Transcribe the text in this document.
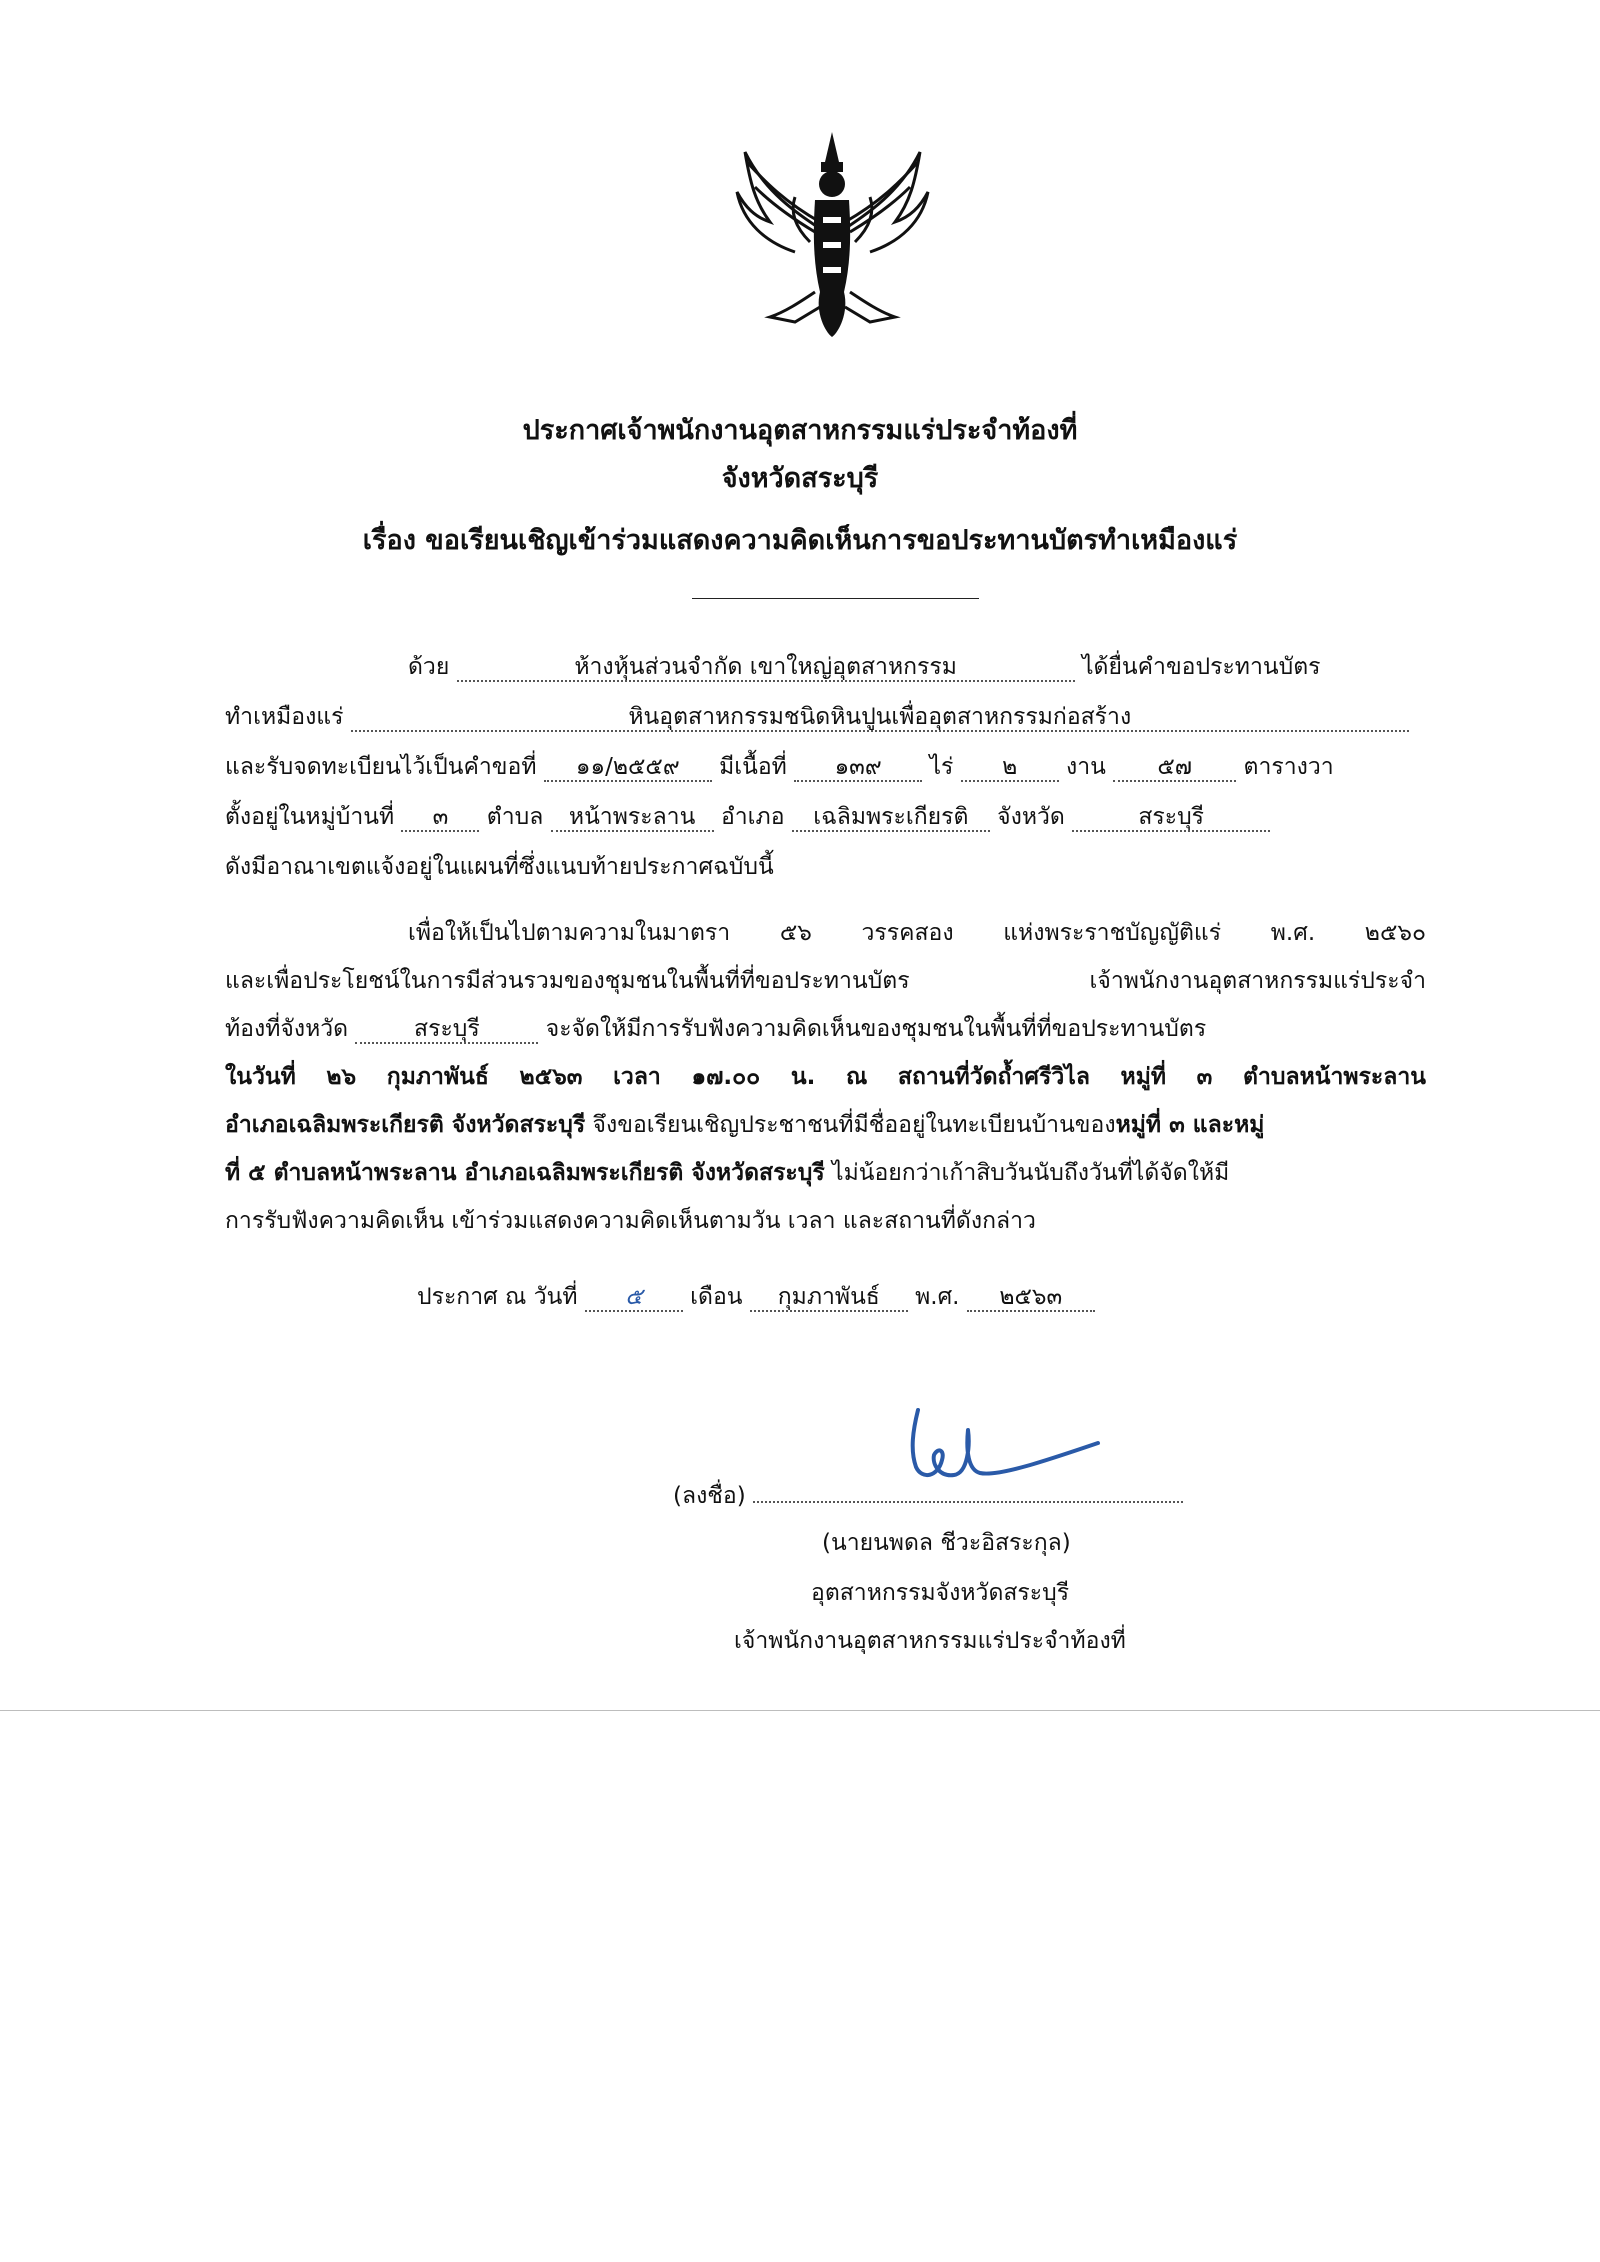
ประกาศเจ้าพนักงานอุตสาหกรรมแร่ประจำท้องที่
จังหวัดสระบุรี
เรื่อง ขอเรียนเชิญเข้าร่วมแสดงความคิดเห็นการขอประทานบัตรทำเหมืองแร่
ด้วย	ห้างหุ้นส่วนจำกัด เขาใหญ่อุตสาหกรรม	ได้ยื่นคำขอประทานบัตร
ทำเหมืองแร่	หินอุตสาหกรรมชนิดหินปูนเพื่ออุตสาหกรรมก่อสร้าง
และรับจดทะเบียนไว้เป็นคำขอที่ ๑๑/๒๕๕๙ มีเนื้อที่ ๑๓๙ ไร่ ๒ งาน ๕๗ ตารางวา
ตั้งอยู่ในหมู่บ้านที่ ๓ ตำบล หน้าพระลาน อำเภอ เฉลิมพระเกียรติ จังหวัด	สระบุรี
ดังมีอาณาเขตแจ้งอยู่ในแผนที่ซึ่งแนบท้ายประกาศฉบับนี้
เพื่อให้เป็นไปตามความในมาตรา ๕๖ วรรคสอง แห่งพระราชบัญญัติแร่ พ.ศ. ๒๕๖๐
และเพื่อประโยชน์ในการมีส่วนรวมของชุมชนในพื้นที่ที่ขอประทานบัตร เจ้าพนักงานอุตสาหกรรมแร่ประจำ
ท้องที่จังหวัด	สระบุรี	จะจัดให้มีการรับฟังความคิดเห็นของชุมชนในพื้นที่ที่ขอประทานบัตร
ในวันที่ ๒๖ กุมภาพันธ์ ๒๕๖๓ เวลา ๑๗.๐๐ น. ณ สถานที่วัดถ้ำศรีวิไล หมู่ที่ ๓ ตำบลหน้าพระลาน
อำเภอเฉลิมพระเกียรติ จังหวัดสระบุรี จึงขอเรียนเชิญประชาชนที่มีชื่ออยู่ในทะเบียนบ้านของหมู่ที่ ๓ และหมู่
ที่ ๕ ตำบลหน้าพระลาน อำเภอเฉลิมพระเกียรติ จังหวัดสระบุรี ไม่น้อยกว่าเก้าสิบวันนับถึงวันที่ได้จัดให้มี
การรับฟังความคิดเห็น เข้าร่วมแสดงความคิดเห็นตามวัน เวลา และสถานที่ดังกล่าว
ประกาศ ณ วันที่ ๕ เดือน กุมภาพันธ์ พ.ศ. ๒๕๖๓
(ลงชื่อ)
(นายนพดล ชีวะอิสระกุล)
อุตสาหกรรมจังหวัดสระบุรี
เจ้าพนักงานอุตสาหกรรมแร่ประจำท้องที่
